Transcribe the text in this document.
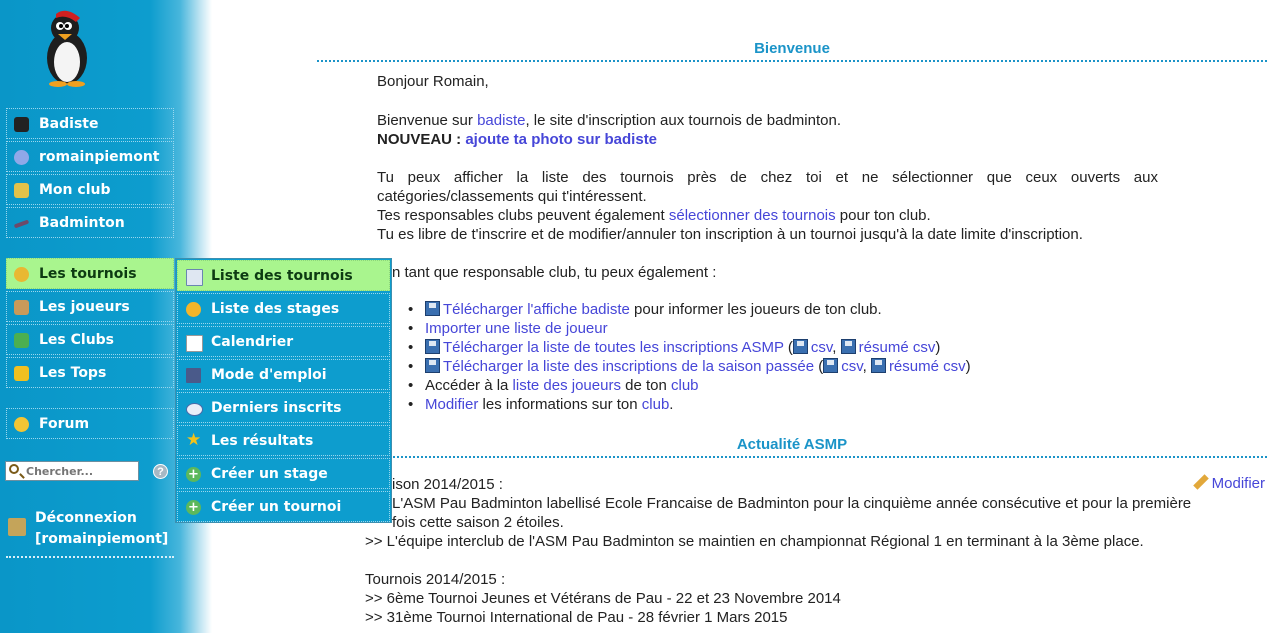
Badiste
romainpiemont
Mon club
Badminton
Les tournois
Les joueurs
Les Clubs
Les Tops
Forum
Chercher...
?
Déconnexion
[romainpiemont]
Liste des tournois
Liste des stages
Calendrier
Mode d'emploi
Derniers inscrits
★ Les résultats
+ Créer un stage
+ Créer un tournoi
Bienvenue
Bonjour Romain,
Bienvenue sur badiste, le site d'inscription aux tournois de badminton.
NOUVEAU : ajoute ta photo sur badiste
Tu peux afficher la liste des tournois près de chez toi et ne sélectionner que ceux ouverts aux
catégories/classements qui t'intéressent.
Tes responsables clubs peuvent également sélectionner des tournois pour ton club.
Tu es libre de t'inscrire et de modifier/annuler ton inscription à un tournoi jusqu'à la date limite d'inscription.
n tant que responsable club, tu peux également :
• Télécharger l'affiche badiste pour informer les joueurs de ton club.
• Importer une liste de joueur
• Télécharger la liste de toutes les inscriptions ASMP ( csv, résumé csv)
• Télécharger la liste des inscriptions de la saison passée ( csv, résumé csv)
• Accéder à la liste des joueurs de ton club
• Modifier les informations sur ton club.
Actualité ASMP
Modifier
ison 2014/2015 :
L'ASM Pau Badminton labellisé Ecole Francaise de Badminton pour la cinquième année consécutive et pour la première
fois cette saison 2 étoiles.
>> L'équipe interclub de l'ASM Pau Badminton se maintien en championnat Régional 1 en terminant à la 3ème place.
Tournois 2014/2015 :
>> 6ème Tournoi Jeunes et Vétérans de Pau - 22 et 23 Novembre 2014
>> 31ème Tournoi International de Pau - 28 février 1 Mars 2015
